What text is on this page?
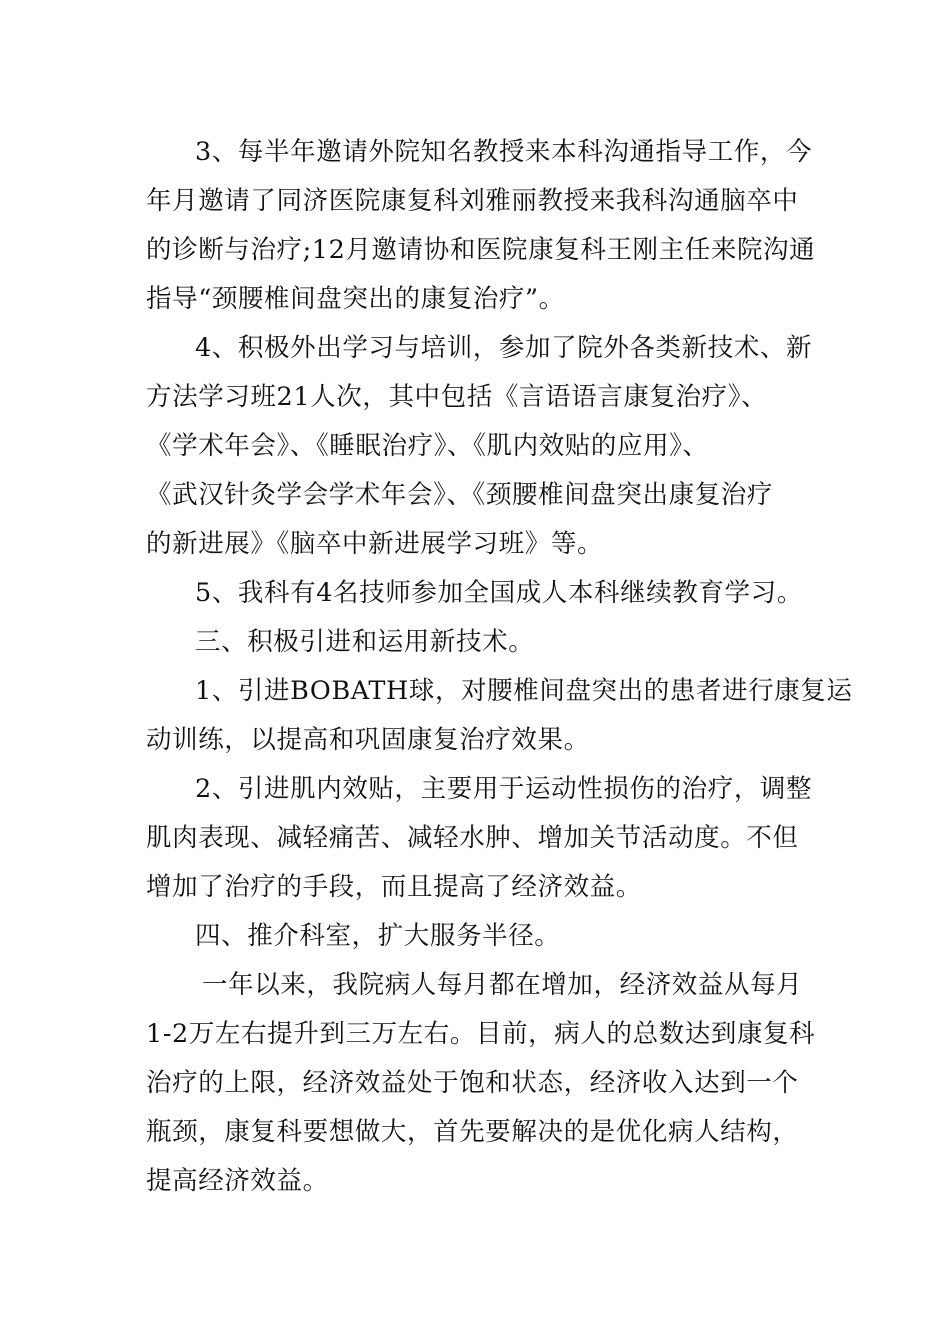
3、每半年邀请外院知名教授来本科沟通指导工作，今
年月邀请了同济医院康复科刘雅丽教授来我科沟通脑卒中
的诊断与治疗;12月邀请协和医院康复科王刚主任来院沟通
指导“颈腰椎间盘突出的康复治疗”。
4、积极外出学习与培训，参加了院外各类新技术、新
方法学习班21人次，其中包括《言语语言康复治疗》、
《学术年会》、《睡眠治疗》、《肌内效贴的应用》、
《武汉针灸学会学术年会》、《颈腰椎间盘突出康复治疗
的新进展》《脑卒中新进展学习班》等。
5、我科有4名技师参加全国成人本科继续教育学习。
三、积极引进和运用新技术。
1、引进BOBATH球，对腰椎间盘突出的患者进行康复运
动训练，以提高和巩固康复治疗效果。
2、引进肌内效贴，主要用于运动性损伤的治疗，调整
肌肉表现、减轻痛苦、减轻水肿、增加关节活动度。不但
增加了治疗的手段，而且提高了经济效益。
四、推介科室，扩大服务半径。
一年以来，我院病人每月都在增加，经济效益从每月
1-2万左右提升到三万左右。目前，病人的总数达到康复科
治疗的上限，经济效益处于饱和状态，经济收入达到一个
瓶颈，康复科要想做大，首先要解决的是优化病人结构，
提高经济效益。
